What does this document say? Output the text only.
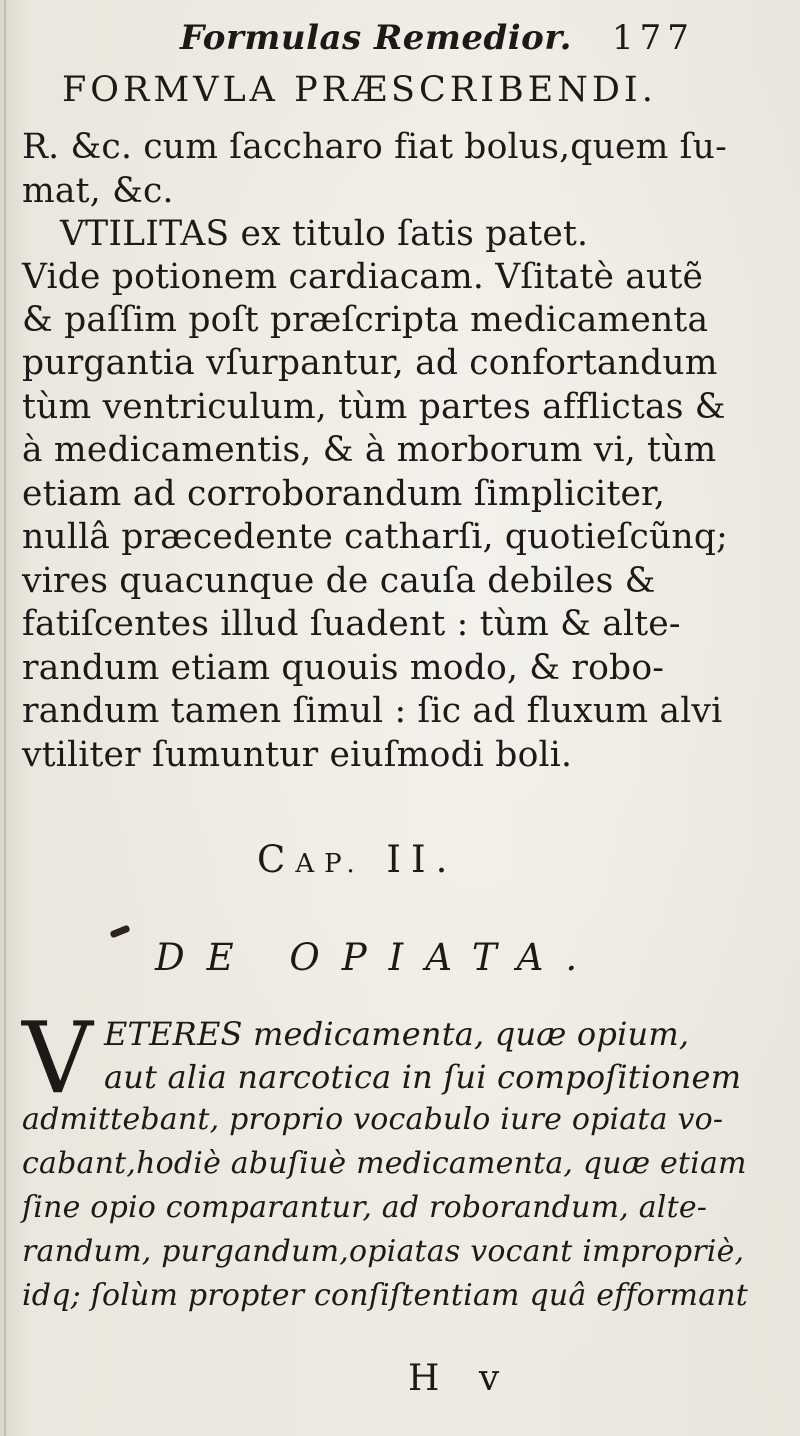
Formulas Remedior. 177
FORMVLA PRÆSCRIBENDI.
R. &c. cum ſaccharo fiat bolus,quem ſu-
mat, &c.
VTILITAS ex titulo ſatis patet.
Vide potionem cardiacam. Vſitatè autẽ
& paſſim poſt præſcripta medicamenta
purgantia vſurpantur, ad confortandum
tùm ventriculum, tùm partes afflictas &
à medicamentis, & à morborum vi, tùm
etiam ad corroborandum ſimpliciter,
nullâ præcedente catharſi, quotieſcũnq;
vires quacunque de cauſa debiles &
fatiſcentes illud ſuadent : tùm & alte-
randum etiam quouis modo, & robo-
randum tamen ſimul : ſic ad fluxum alvi
vtiliter ſumuntur eiuſmodi boli.
CAP. II.
DE OPIATA.
V ETERES medicamenta, quæ opium,
aut alia narcotica in ſui compoſitionem
admittebant, proprio vocabulo iure opiata vo-
cabant,hodiè abuſiuè medicamenta, quæ etiam
ſine opio comparantur, ad roborandum, alte-
randum, purgandum,opiatas vocant impropriè,
idq; ſolùm propter conſiſtentiam quâ efformant
H v
